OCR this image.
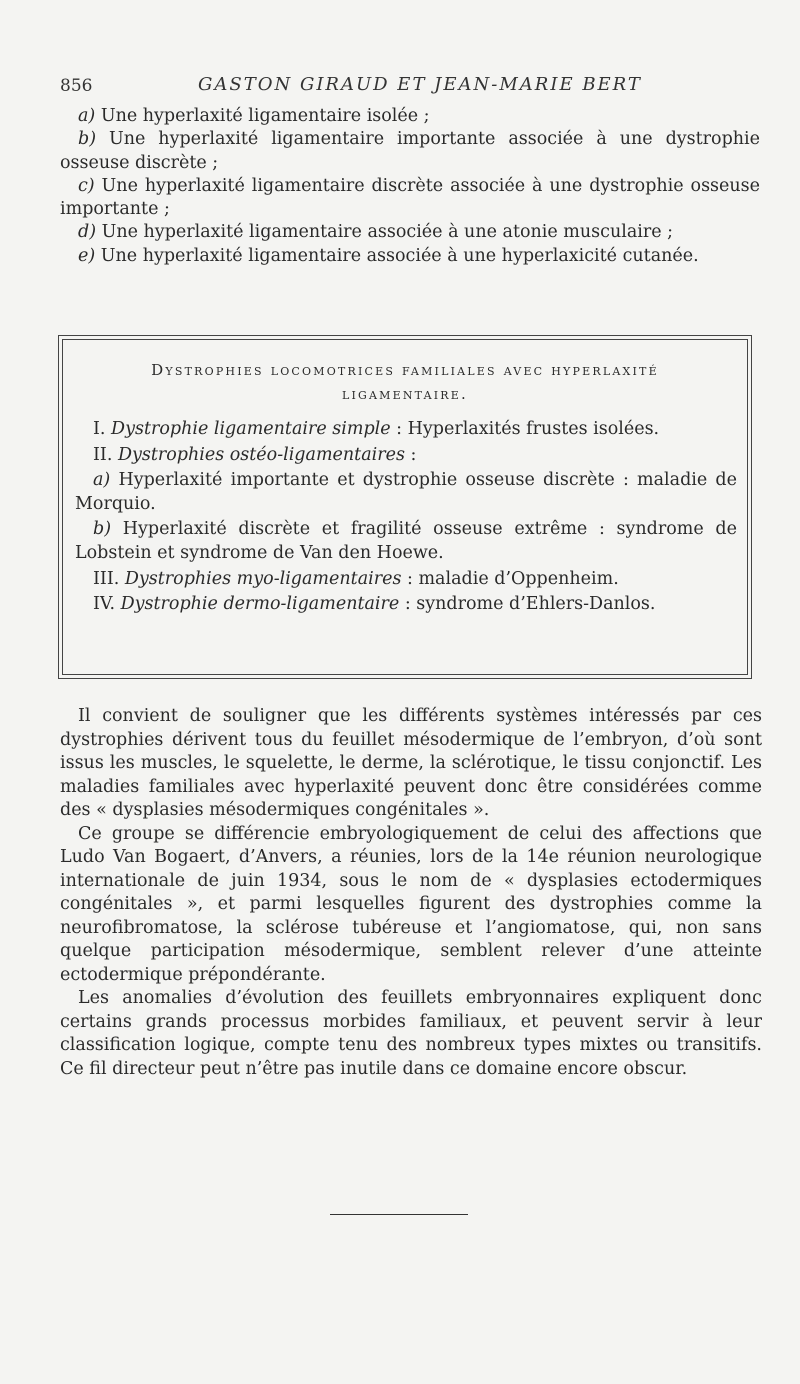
856	GASTON GIRAUD ET JEAN-MARIE BERT

a) Une hyperlaxité ligamentaire isolée ;

b) Une hyperlaxité ligamentaire importante associée à une dystrophie osseuse discrète ;

c) Une hyperlaxité ligamentaire discrète associée à une dystrophie osseuse importante ;

d) Une hyperlaxité ligamentaire associée à une atonie musculaire ;

e) Une hyperlaxité ligamentaire associée à une hyperlaxicité cutanée.

Dystrophies locomotrices familiales avec hyperlaxité
ligamentaire.

I. Dystrophie ligamentaire simple : Hyperlaxités frustes isolées.

II. Dystrophies ostéo-ligamentaires :

a) Hyperlaxité importante et dystrophie osseuse discrète : maladie de Morquio.

b) Hyperlaxité discrète et fragilité osseuse extrême : syndrome de Lobstein et syndrome de Van den Hoewe.

III. Dystrophies myo-ligamentaires : maladie d’Oppenheim.

IV. Dystrophie dermo-ligamentaire : syndrome d’Ehlers-Danlos.

Il convient de souligner que les différents systèmes intéressés par ces dystrophies dérivent tous du feuillet mésodermique de l’embryon, d’où sont issus les muscles, le squelette, le derme, la sclérotique, le tissu conjonctif. Les maladies familiales avec hyperlaxité peuvent donc être considérées comme des « dysplasies mésodermiques congénitales ».

Ce groupe se différencie embryologiquement de celui des affections que Ludo Van Bogaert, d’Anvers, a réunies, lors de la 14e réunion neurologique internationale de juin 1934, sous le nom de « dysplasies ectodermiques congénitales », et parmi lesquelles figurent des dystrophies comme la neurofibromatose, la sclérose tubéreuse et l’angiomatose, qui, non sans quelque participation mésodermique, semblent relever d’une atteinte ectodermique prépondérante.

Les anomalies d’évolution des feuillets embryonnaires expliquent donc certains grands processus morbides familiaux, et peuvent servir à leur classification logique, compte tenu des nombreux types mixtes ou transitifs. Ce fil directeur peut n’être pas inutile dans ce domaine encore obscur.
